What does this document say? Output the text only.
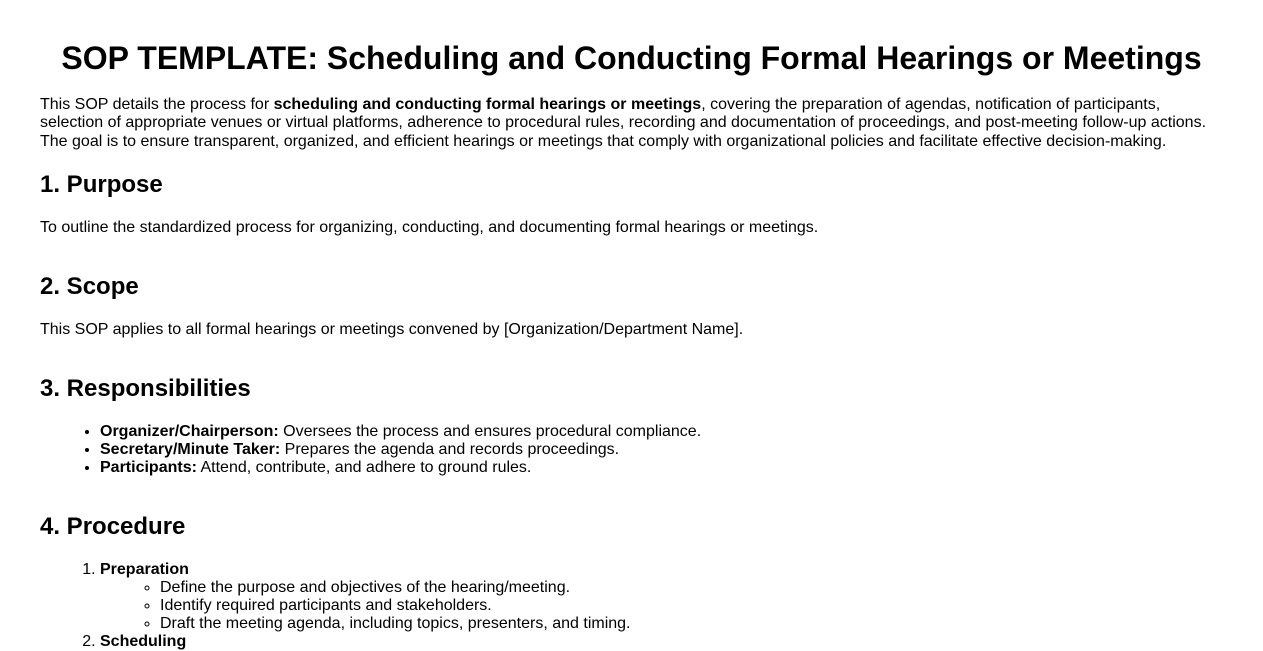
SOP TEMPLATE: Scheduling and Conducting Formal Hearings or Meetings

This SOP details the process for scheduling and conducting formal hearings or meetings, covering the preparation of agendas, notification of participants, selection of appropriate venues or virtual platforms, adherence to procedural rules, recording and documentation of proceedings, and post-meeting follow-up actions. The goal is to ensure transparent, organized, and efficient hearings or meetings that comply with organizational policies and facilitate effective decision-making.

1. Purpose

To outline the standardized process for organizing, conducting, and documenting formal hearings or meetings.

2. Scope

This SOP applies to all formal hearings or meetings convened by [Organization/Department Name].

3. Responsibilities
• Organizer/Chairperson: Oversees the process and ensures procedural compliance.
• Secretary/Minute Taker: Prepares the agenda and records proceedings.
• Participants: Attend, contribute, and adhere to ground rules.
4. Procedure
1. Preparation
◦ Define the purpose and objectives of the hearing/meeting.
◦ Identify required participants and stakeholders.
◦ Draft the meeting agenda, including topics, presenters, and timing.
2. Scheduling
